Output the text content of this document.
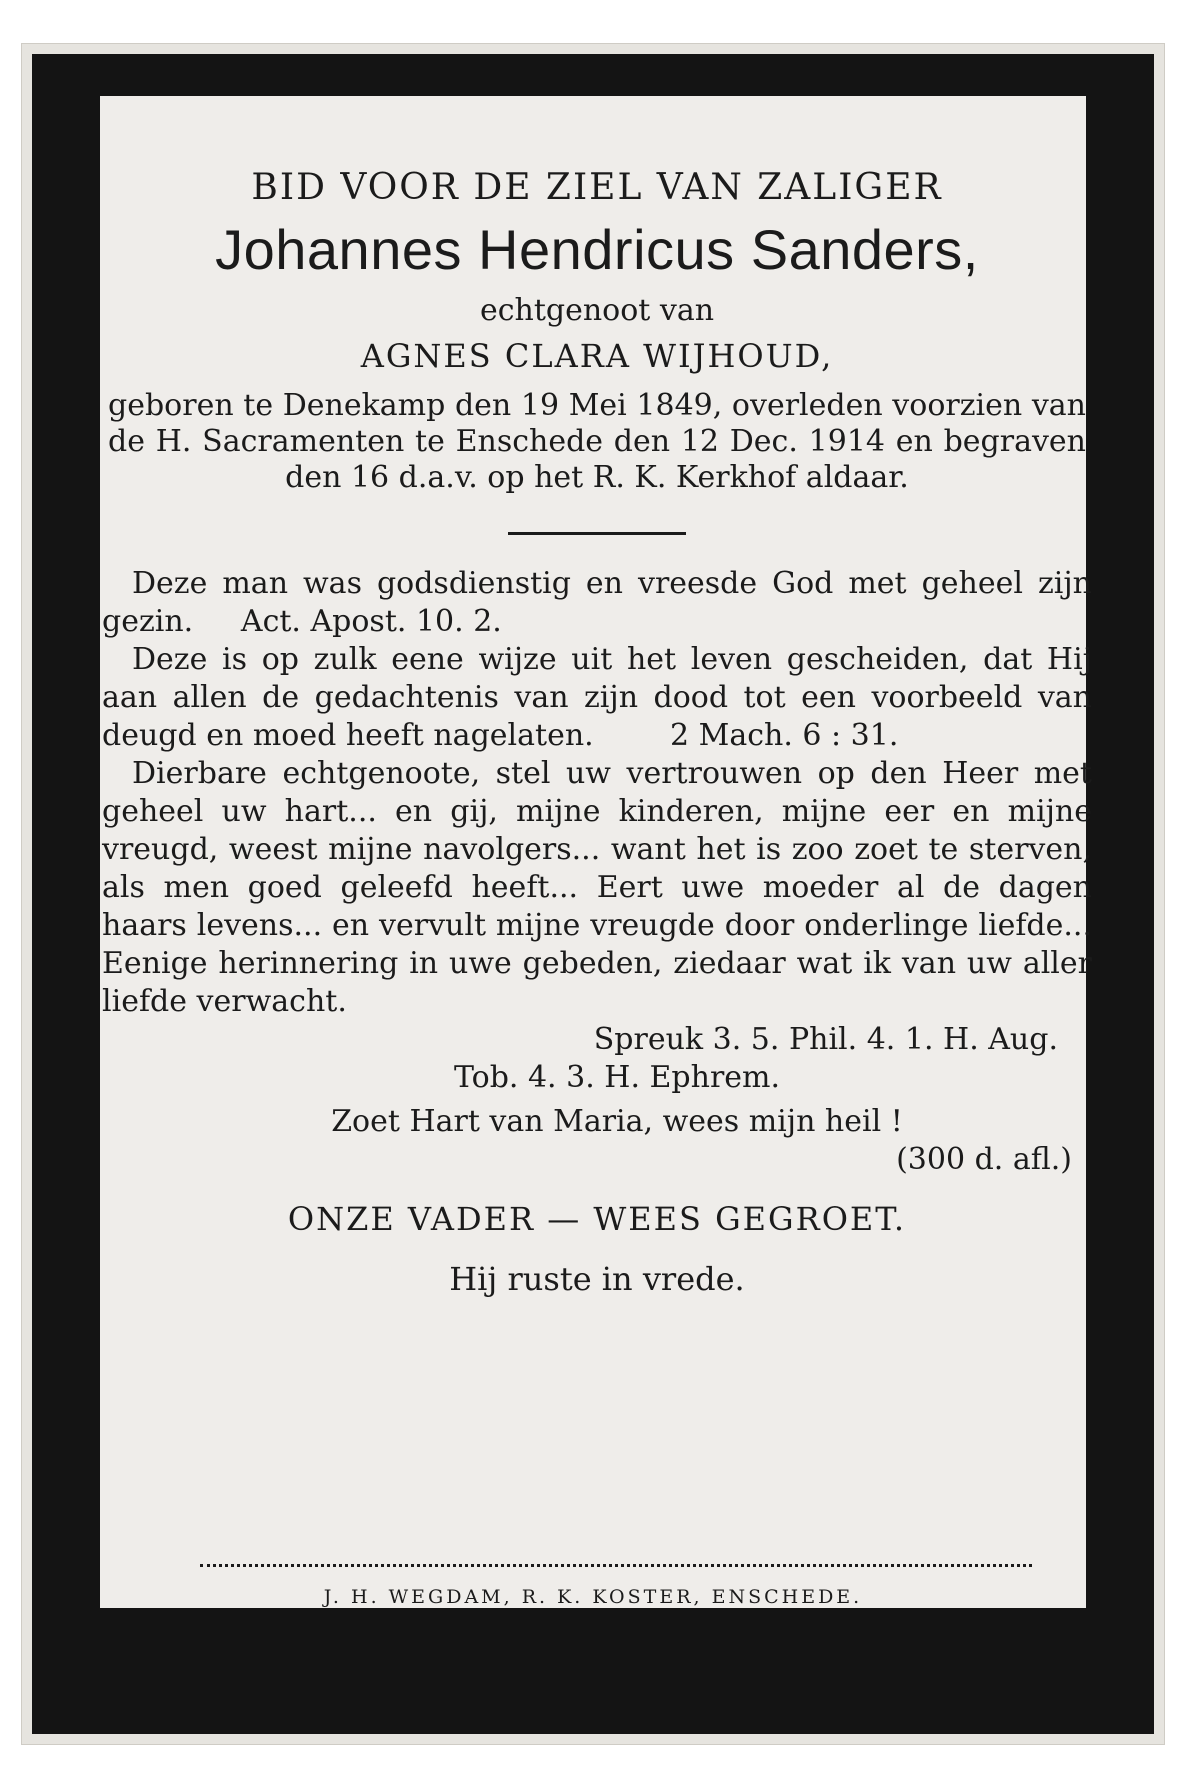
BID VOOR DE ZIEL VAN ZALIGER

Johannes Hendricus Sanders,

echtgenoot van

AGNES CLARA WIJHOUD,

geboren te Denekamp den 19 Mei 1849, overleden voorzien van de H. Sacramenten te Enschede den 12 Dec. 1914 en begraven den 16 d.a.v. op het R. K. Kerkhof aldaar.

Deze man was godsdienstig en vreesde God met geheel zijn gezin. Act. Apost. 10. 2.

Deze is op zulk eene wijze uit het leven gescheiden, dat Hij aan allen de gedachtenis van zijn dood tot een voorbeeld van deugd en moed heeft nagelaten.	2 Mach. 6 : 31.

Dierbare echtgenoote, stel uw vertrouwen op den Heer met geheel uw hart... en gij, mijne kinderen, mijne eer en mijne vreugd, weest mijne navolgers... want het is zoo zoet te sterven, als men goed geleefd heeft... Eert uwe moeder al de dagen haars levens... en vervult mijne vreugde door onderlinge liefde... Eenige herinnering in uwe gebeden, ziedaar wat ik van uw aller liefde verwacht.

Spreuk 3. 5. Phil. 4. 1. H. Aug.

Tob. 4. 3. H. Ephrem.

Zoet Hart van Maria, wees mijn heil !

(300 d. afl.)

ONZE VADER — WEES GEGROET.

Hij ruste in vrede.

J. H. WEGDAM, R. K. KOSTER, ENSCHEDE.
